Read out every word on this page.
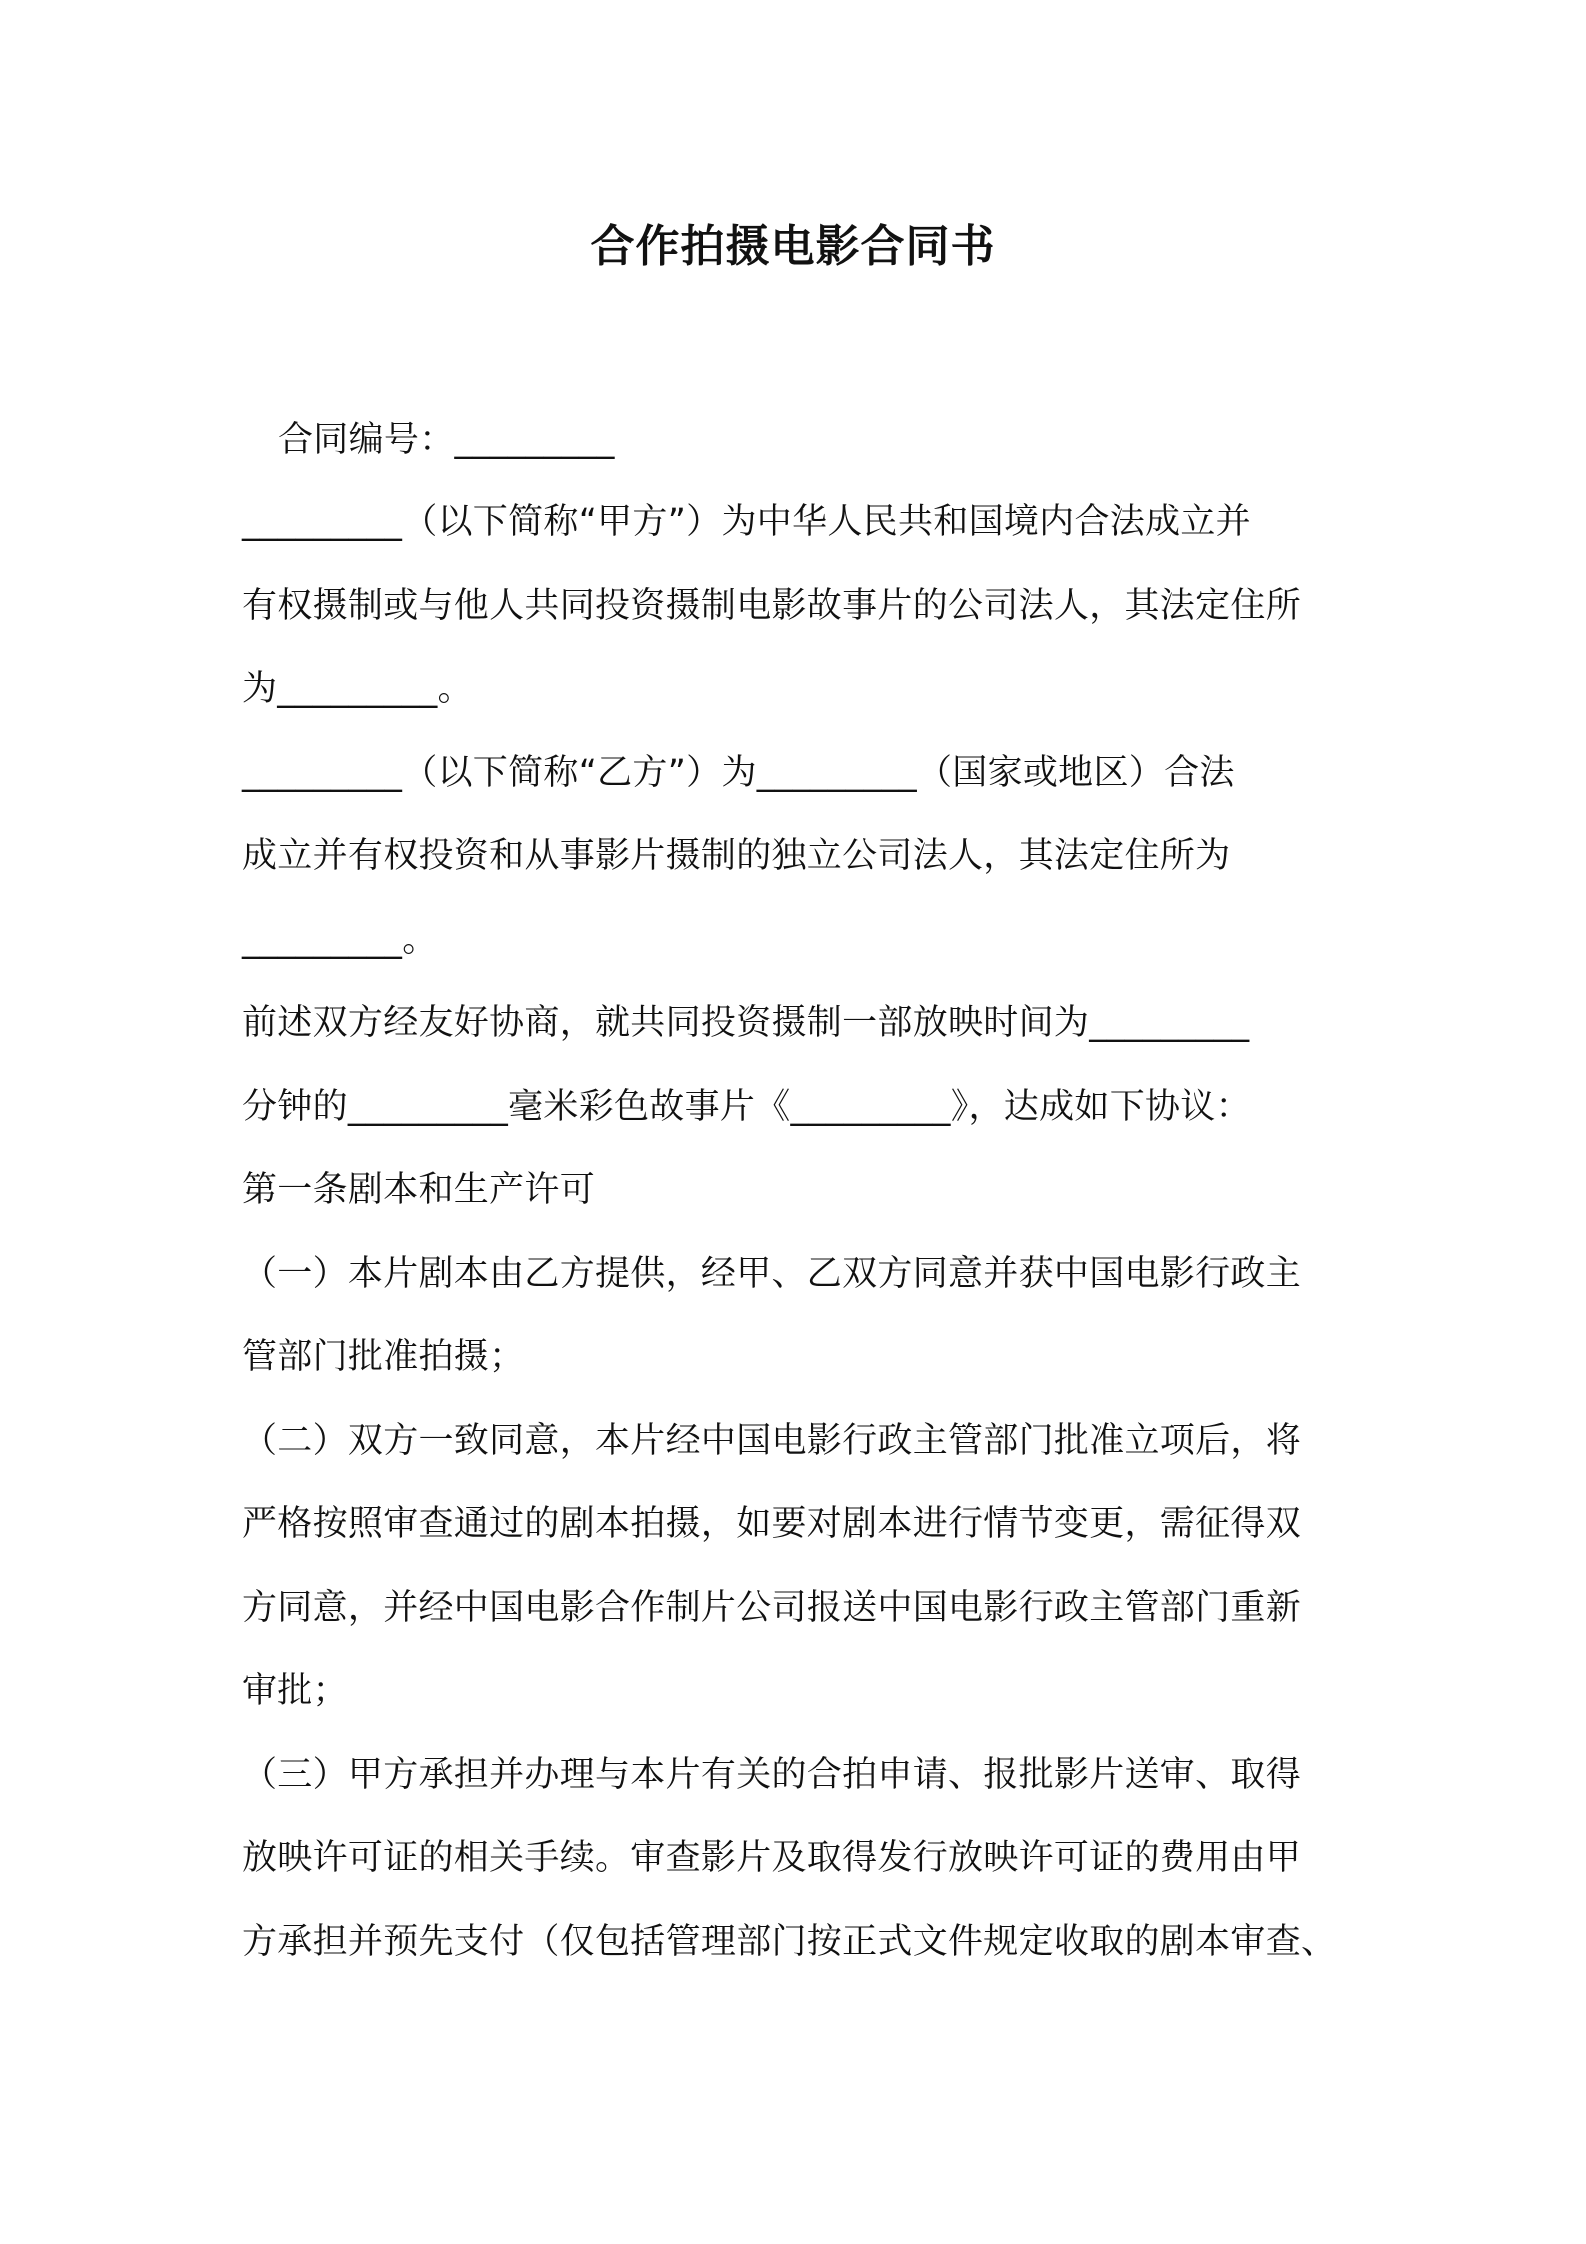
合作拍摄电影合同书
合同编号：_________
_________（以下简称“甲方”）为中华人民共和国境内合法成立并
有权摄制或与他人共同投资摄制电影故事片的公司法人，其法定住所
为_________。
_________（以下简称“乙方”）为_________（国家或地区）合法
成立并有权投资和从事影片摄制的独立公司法人，其法定住所为
_________。
前述双方经友好协商，就共同投资摄制一部放映时间为_________
分钟的_________毫米彩色故事片《_________》，达成如下协议：
第一条剧本和生产许可
（一）本片剧本由乙方提供，经甲、乙双方同意并获中国电影行政主
管部门批准拍摄；
（二）双方一致同意，本片经中国电影行政主管部门批准立项后，将
严格按照审查通过的剧本拍摄，如要对剧本进行情节变更，需征得双
方同意，并经中国电影合作制片公司报送中国电影行政主管部门重新
审批；
（三）甲方承担并办理与本片有关的合拍申请、报批影片送审、取得
放映许可证的相关手续。审查影片及取得发行放映许可证的费用由甲
方承担并预先支付（仅包括管理部门按正式文件规定收取的剧本审查、
